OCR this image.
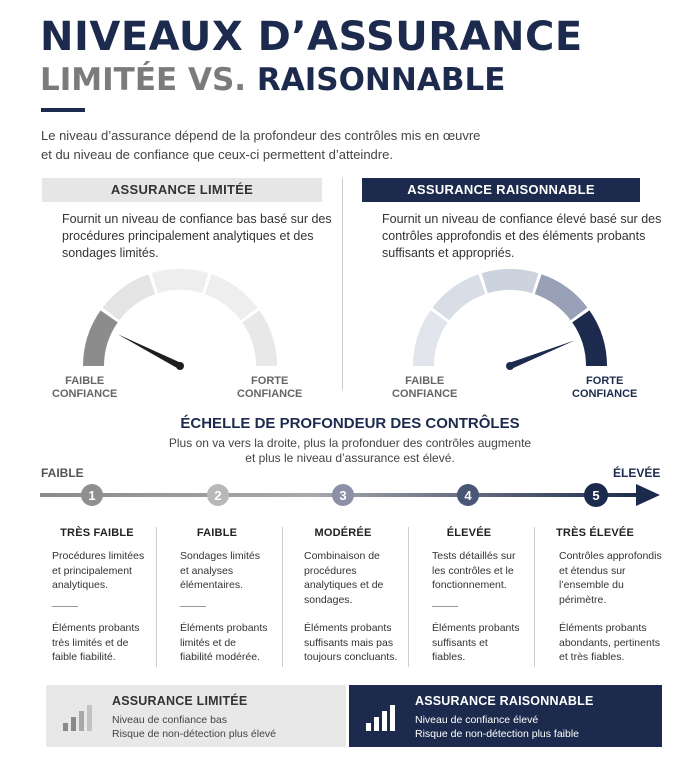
NIVEAUX D’ASSURANCE
LIMITÉE VS. RAISONNABLE
Le niveau d’assurance dépend de la profondeur des contrôles mis en œuvre
et du niveau de confiance que ceux-ci permettent d’atteindre.
ASSURANCE LIMITÉE	ASSURANCE RAISONNABLE
Fournit un niveau de confiance bas basé sur des
procédures principalement analytiques et des
sondages limités.
Fournit un niveau de confiance élevé basé sur des
contrôles approfondis et des éléments probants
suffisants et appropriés.
FAIBLE
CONFIANCE
FORTE
CONFIANCE
FAIBLE
CONFIANCE
FORTE
CONFIANCE
ÉCHELLE DE PROFONDEUR DES CONTRÔLES
Plus on va vers la droite, plus la profonduer des contrôles augmente
et plus le niveau d’assurance est élevé.
FAIBLE	ÉLEVÉE
1	2	3	4	5
TRÈS FAIBLE
Procédures limitées
et principalement
analytiques.
Éléments probants
très limités et de
faible fiabilité.
FAIBLE
Sondages limités
et analyses
élémentaires.
Éléments probants
limités et de
fiabilité modérée.
MODÉRÉE
Combinaison de
procédures
analytiques et de
sondages.
Éléments probants
suffisants mais pas
toujours concluants.
ÉLEVÉE
Tests détaillés sur
les contrôles et le
fonctionnement.
Éléments probants
suffisants et
fiables.
TRÈS ÉLEVÉE
Contrôles approfondis
et étendus sur
l’ensemble du
périmètre.
Éléments probants
abondants, pertinents
et très fiables.
ASSURANCE LIMITÉE
Niveau de confiance bas
Risque de non-détection plus élevé
ASSURANCE RAISONNABLE
Niveau de confiance élevé
Risque de non-détection plus faible
